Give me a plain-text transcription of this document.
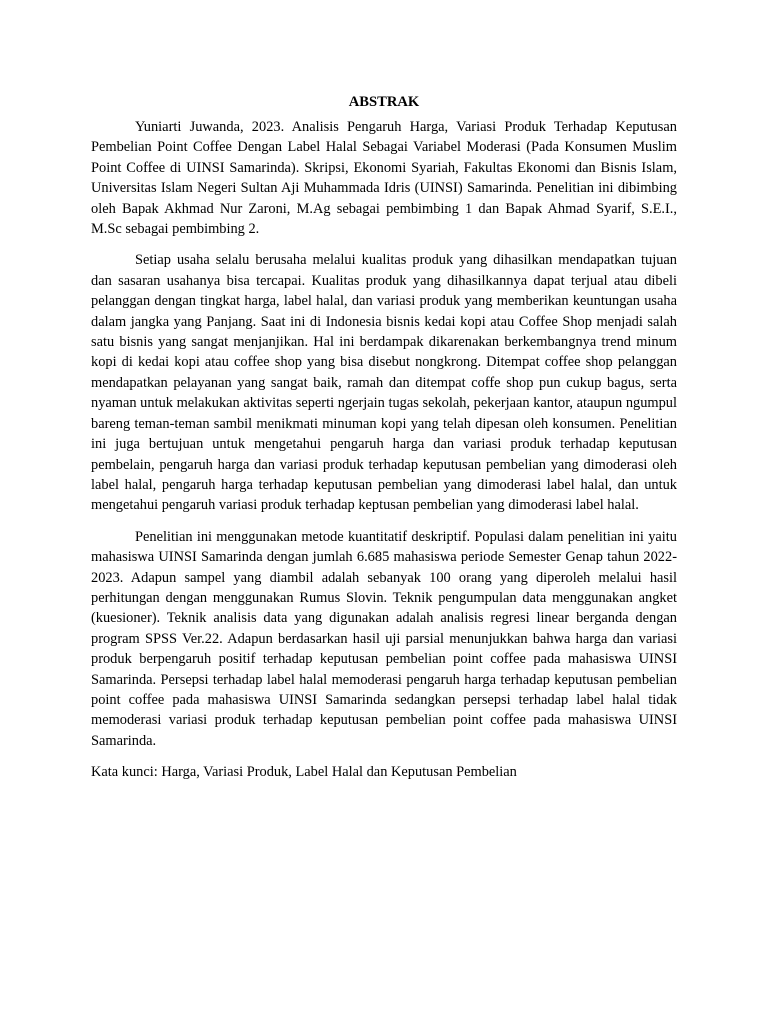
ABSTRAK

Yuniarti Juwanda, 2023. Analisis Pengaruh Harga, Variasi Produk Terhadap Keputusan Pembelian Point Coffee Dengan Label Halal Sebagai Variabel Moderasi (Pada Konsumen Muslim Point Coffee di UINSI Samarinda). Skripsi, Ekonomi Syariah, Fakultas Ekonomi dan Bisnis Islam, Universitas Islam Negeri Sultan Aji Muhammada Idris (UINSI) Samarinda. Penelitian ini dibimbing oleh Bapak Akhmad Nur Zaroni, M.Ag sebagai pembimbing 1 dan Bapak Ahmad Syarif, S.E.I., M.Sc sebagai pembimbing 2.

Setiap usaha selalu berusaha melalui kualitas produk yang dihasilkan mendapatkan tujuan dan sasaran usahanya bisa tercapai. Kualitas produk yang dihasilkannya dapat terjual atau dibeli pelanggan dengan tingkat harga, label halal, dan variasi produk yang memberikan keuntungan usaha dalam jangka yang Panjang. Saat ini di Indonesia bisnis kedai kopi atau Coffee Shop menjadi salah satu bisnis yang sangat menjanjikan. Hal ini berdampak dikarenakan berkembangnya trend minum kopi di kedai kopi atau coffee shop yang bisa disebut nongkrong. Ditempat coffee shop pelanggan mendapatkan pelayanan yang sangat baik, ramah dan ditempat coffe shop pun cukup bagus, serta nyaman untuk melakukan aktivitas seperti ngerjain tugas sekolah, pekerjaan kantor, ataupun ngumpul bareng teman-teman sambil menikmati minuman kopi yang telah dipesan oleh konsumen. Penelitian ini juga bertujuan untuk mengetahui pengaruh harga dan variasi produk terhadap keputusan pembelain, pengaruh harga dan variasi produk terhadap keputusan pembelian yang dimoderasi oleh label halal, pengaruh harga terhadap keputusan pembelian yang dimoderasi label halal, dan untuk mengetahui pengaruh variasi produk terhadap keptusan pembelian yang dimoderasi label halal.

Penelitian ini menggunakan metode kuantitatif deskriptif. Populasi dalam penelitian ini yaitu mahasiswa UINSI Samarinda dengan jumlah 6.685 mahasiswa periode Semester Genap tahun 2022-2023. Adapun sampel yang diambil adalah sebanyak 100 orang yang diperoleh melalui hasil perhitungan dengan menggunakan Rumus Slovin. Teknik pengumpulan data menggunakan angket (kuesioner). Teknik analisis data yang digunakan adalah analisis regresi linear berganda dengan program SPSS Ver.22. Adapun berdasarkan hasil uji parsial menunjukkan bahwa harga dan variasi produk berpengaruh positif terhadap keputusan pembelian point coffee pada mahasiswa UINSI Samarinda. Persepsi terhadap label halal memoderasi pengaruh harga terhadap keputusan pembelian point coffee pada mahasiswa UINSI Samarinda sedangkan persepsi terhadap label halal tidak memoderasi variasi produk terhadap keputusan pembelian point coffee pada mahasiswa UINSI Samarinda.

Kata kunci: Harga, Variasi Produk, Label Halal dan Keputusan Pembelian
